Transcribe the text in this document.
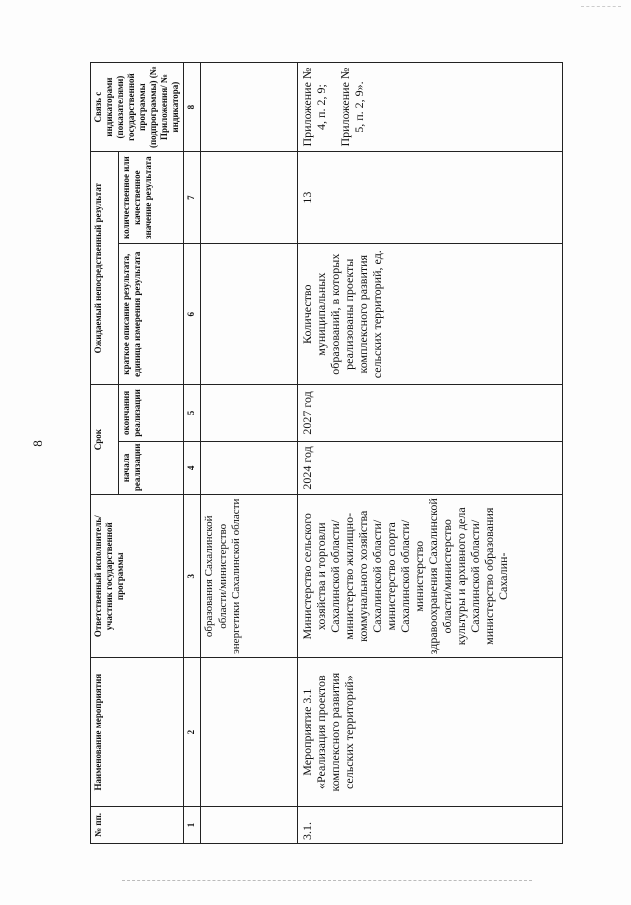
8
№ пп.	Наименование мероприятия	Ответственный исполнитель/участник государственной программы	Срок		Ожидаемый непосредственный результат		Связь с индикаторами (показателями) государственной программы (подпрограммы) (№ Приложения/ № индикатора)
			начала реализации	окончания реализации	краткое описание результата, единица измерения результата	количественное или качественное значение результата	
1	2	3	4	5	6	7	8
		образования Сахалинской области/министерство энергетики Сахалинской области					
3.1.	Мероприятие 3.1 «Реализация проектов комплексного развития сельских территорий»	Министерство сельского хозяйства и торговли Сахалинской области/министерство жилищно-коммунального хозяйства Сахалинской области/министерство спорта Сахалинской области/министерство здравоохранения Сахалинской области/министерство культуры и архивного дела Сахалинской области/министерство образования Сахалин-	2024 год	2027 год	Количество муниципальных образований, в которых реализованы проекты комплексного развития сельских территорий, ед.	13	Приложение № 4, п. 2, 9; Приложение № 5, п. 2, 9».
